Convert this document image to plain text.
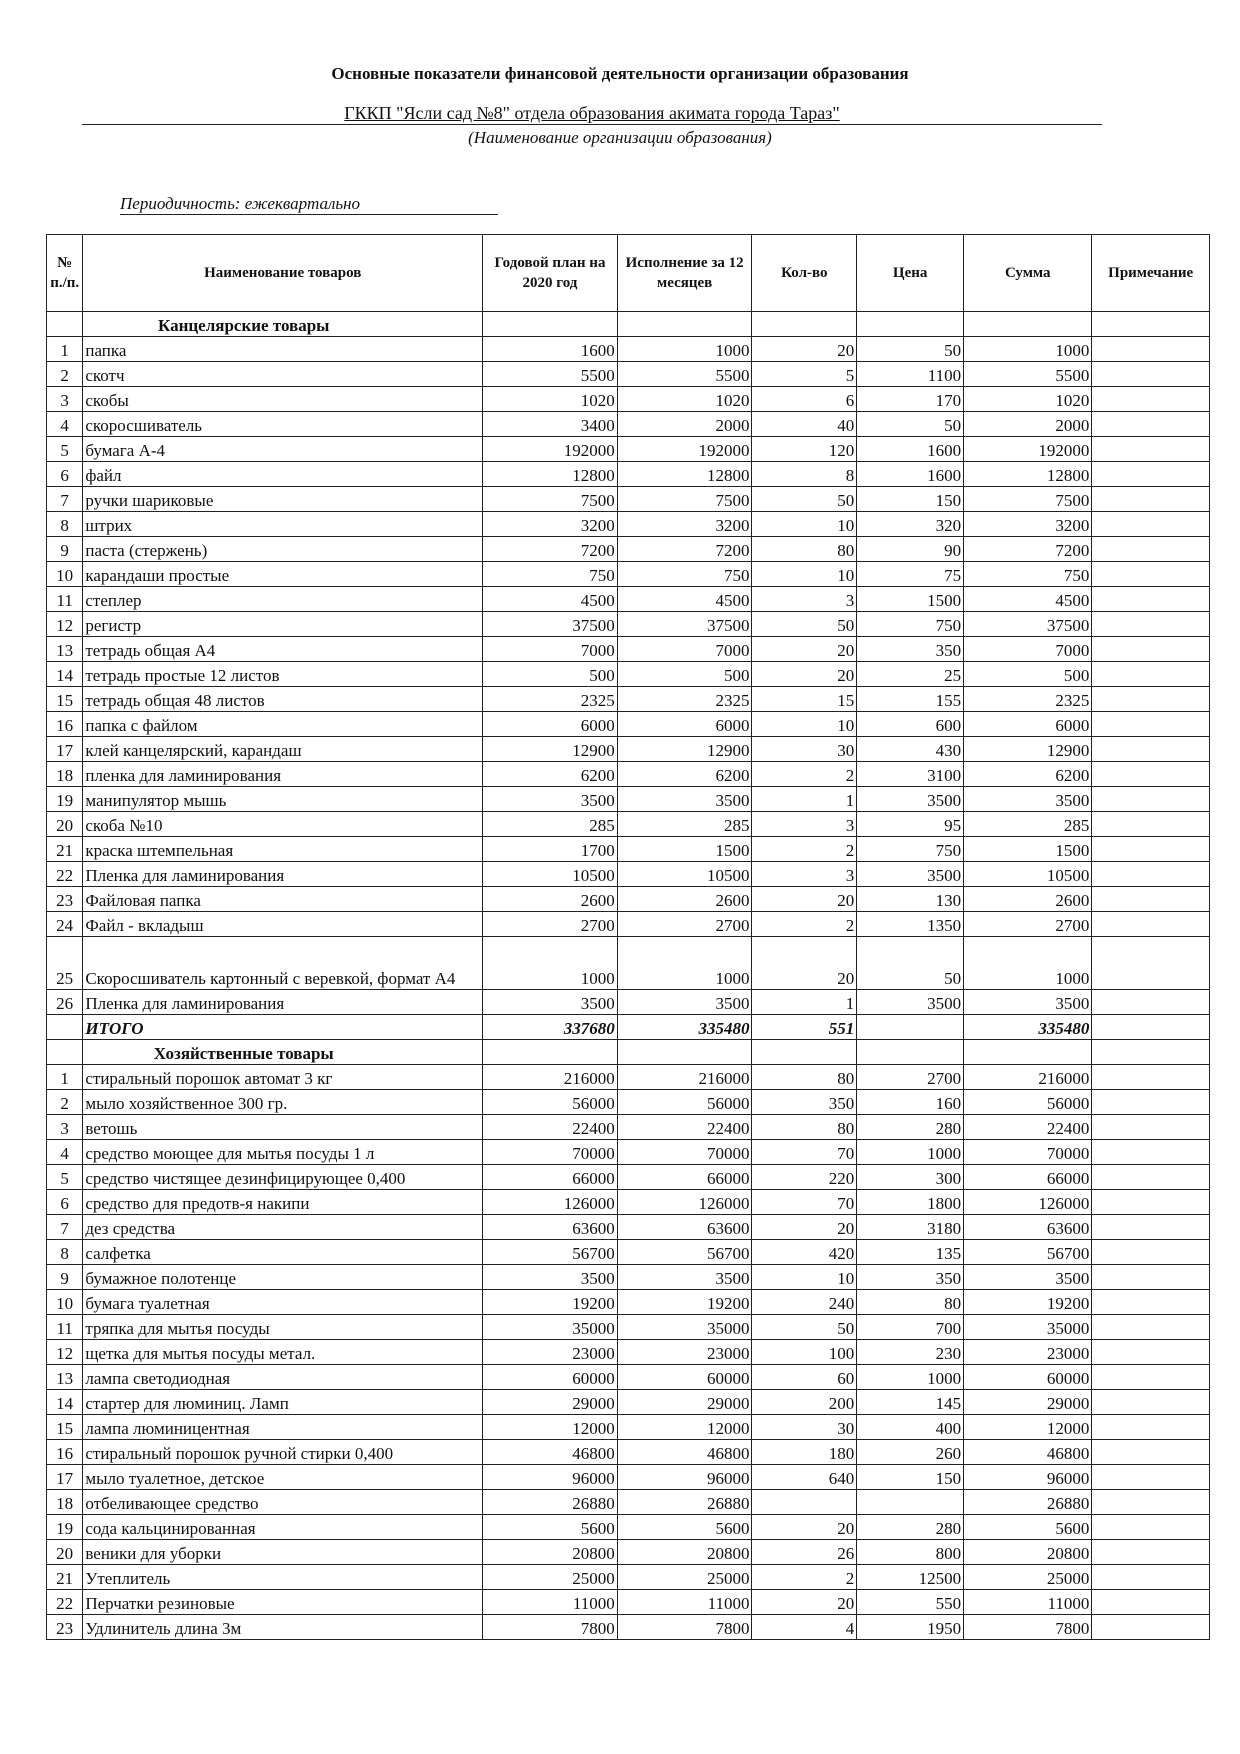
Основные показатели финансовой деятельности организации образования
ГККП "Ясли сад №8" отдела образования акимата города Тараз"
(Наименование организации образования)
Периодичность: ежеквартально
№ п./п.	Наименование товаров	Годовой план на 2020 год	Исполнение за 12 месяцев	Кол-во	Цена	Сумма	Примечание
	Канцелярские товары						
1	папка	1600	1000	20	50	1000	
2	скотч	5500	5500	5	1100	5500	
3	скобы	1020	1020	6	170	1020	
4	скоросшиватель	3400	2000	40	50	2000	
5	бумага А-4	192000	192000	120	1600	192000	
6	файл	12800	12800	8	1600	12800	
7	ручки шариковые	7500	7500	50	150	7500	
8	штрих	3200	3200	10	320	3200	
9	паста (стержень)	7200	7200	80	90	7200	
10	карандаши простые	750	750	10	75	750	
11	степлер	4500	4500	3	1500	4500	
12	регистр	37500	37500	50	750	37500	
13	тетрадь общая А4	7000	7000	20	350	7000	
14	тетрадь простые 12 листов	500	500	20	25	500	
15	тетрадь общая 48 листов	2325	2325	15	155	2325	
16	папка с файлом	6000	6000	10	600	6000	
17	клей канцелярский, карандаш	12900	12900	30	430	12900	
18	пленка для ламинирования	6200	6200	2	3100	6200	
19	манипулятор мышь	3500	3500	1	3500	3500	
20	скоба №10	285	285	3	95	285	
21	краска штемпельная	1700	1500	2	750	1500	
22	Пленка для ламинирования	10500	10500	3	3500	10500	
23	Файловая папка	2600	2600	20	130	2600	
24	Файл - вкладыш	2700	2700	2	1350	2700	
25	Скоросшиватель картонный с веревкой, формат А4	1000	1000	20	50	1000	
26	Пленка для ламинирования	3500	3500	1	3500	3500	
	ИТОГО	337680	335480	551		335480	
	Хозяйственные товары						
1	стиральный порошок автомат 3 кг	216000	216000	80	2700	216000	
2	мыло хозяйственное 300 гр.	56000	56000	350	160	56000	
3	ветошь	22400	22400	80	280	22400	
4	средство моющее для мытья посуды 1 л	70000	70000	70	1000	70000	
5	средство чистящее дезинфицирующее 0,400	66000	66000	220	300	66000	
6	средство для предотв-я накипи	126000	126000	70	1800	126000	
7	дез средства	63600	63600	20	3180	63600	
8	салфетка	56700	56700	420	135	56700	
9	бумажное полотенце	3500	3500	10	350	3500	
10	бумага туалетная	19200	19200	240	80	19200	
11	тряпка для мытья посуды	35000	35000	50	700	35000	
12	щетка для мытья посуды метал.	23000	23000	100	230	23000	
13	лампа светодиодная	60000	60000	60	1000	60000	
14	стартер для люминиц. Ламп	29000	29000	200	145	29000	
15	лампа люминицентная	12000	12000	30	400	12000	
16	стиральный порошок ручной стирки 0,400	46800	46800	180	260	46800	
17	мыло туалетное, детское	96000	96000	640	150	96000	
18	отбеливающее средство	26880	26880			26880	
19	сода кальцинированная	5600	5600	20	280	5600	
20	веники для уборки	20800	20800	26	800	20800	
21	Утеплитель	25000	25000	2	12500	25000	
22	Перчатки резиновые	11000	11000	20	550	11000	
23	Удлинитель длина 3м	7800	7800	4	1950	7800	
